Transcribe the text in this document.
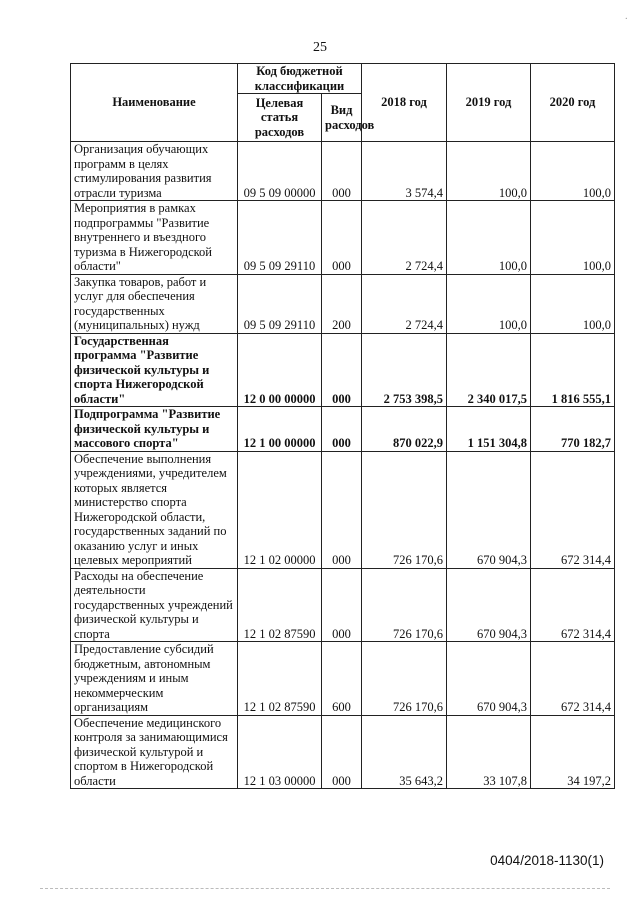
25
Наименование	Код бюджетной классификации		2018 год	2019 год	2020 год
	Целевая статья расходов	Вид расходов			
Организация обучающих программ в целях стимулирования развития отрасли туризма	09 5 09 00000	000	3 574,4	100,0	100,0
Мероприятия в рамках подпрограммы "Развитие внутреннего и въездного туризма в Нижегородской области"	09 5 09 29110	000	2 724,4	100,0	100,0
Закупка товаров, работ и услуг для обеспечения государственных (муниципальных) нужд	09 5 09 29110	200	2 724,4	100,0	100,0
Государственная программа "Развитие физической культуры и спорта Нижегородской области"	12 0 00 00000	000	2 753 398,5	2 340 017,5	1 816 555,1
Подпрограмма "Развитие физической культуры и массового спорта"	12 1 00 00000	000	870 022,9	1 151 304,8	770 182,7
Обеспечение выполнения учреждениями, учредителем которых является министерство спорта Нижегородской области, государственных заданий по оказанию услуг и иных целевых мероприятий	12 1 02 00000	000	726 170,6	670 904,3	672 314,4
Расходы на обеспечение деятельности государственных учреждений физической культуры и спорта	12 1 02 87590	000	726 170,6	670 904,3	672 314,4
Предоставление субсидий бюджетным, автономным учреждениям и иным некоммерческим организациям	12 1 02 87590	600	726 170,6	670 904,3	672 314,4
Обеспечение медицинского контроля за занимающимися физической культурой и спортом в Нижегородской области	12 1 03 00000	000	35 643,2	33 107,8	34 197,2
0404/2018-1130(1)
·
